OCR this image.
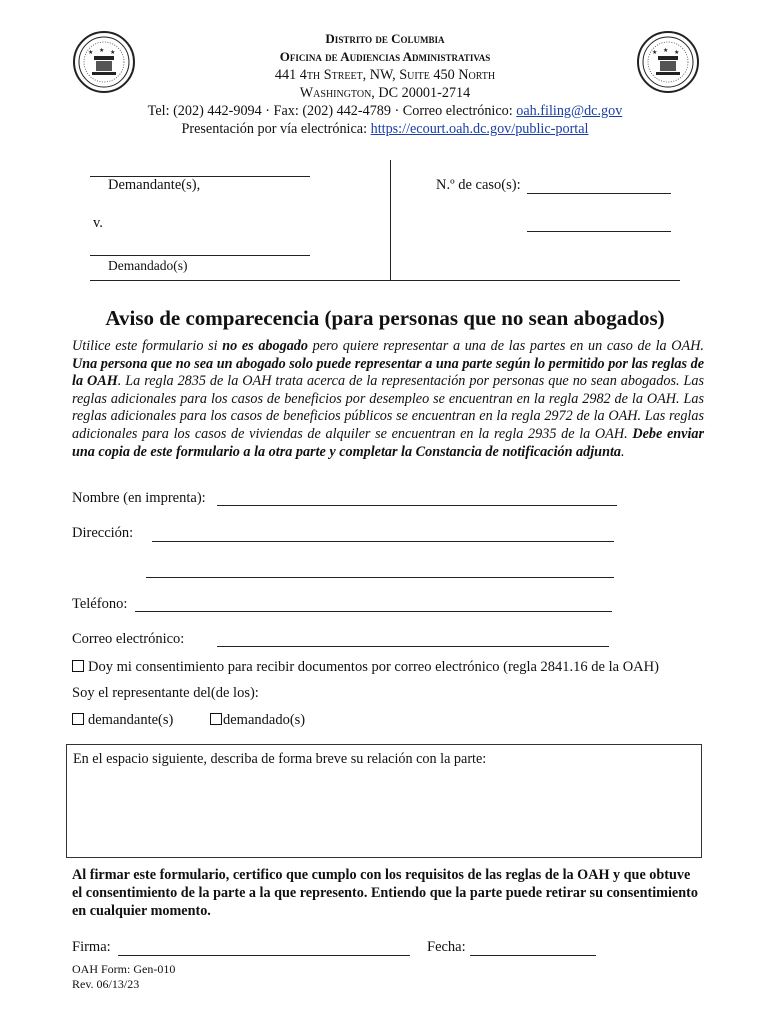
★ ★ ★	★ ★ ★
Distrito de Columbia
Oficina de Audiencias Administrativas
441 4th Street, NW, Suite 450 North
Washington, DC 20001-2714
Tel: (202) 442-9094 · Fax: (202) 442-4789 · Correo electrónico: oah.filing@dc.gov
Presentación por vía electrónica: https://ecourt.oah.dc.gov/public-portal
Demandante(s),
v.
Demandado(s)
N.º de caso(s):
Aviso de comparecencia (para personas que no sean abogados)
Utilice este formulario si no es abogado pero quiere representar a una de las partes en un caso de la OAH. Una persona que no sea un abogado solo puede representar a una parte según lo permitido por las reglas de la OAH. La regla 2835 de la OAH trata acerca de la representación por personas que no sean abogados. Las reglas adicionales para los casos de beneficios por desempleo se encuentran en la regla 2982 de la OAH. Las reglas adicionales para los casos de beneficios públicos se encuentran en la regla 2972 de la OAH. Las reglas adicionales para los casos de viviendas de alquiler se encuentran en la regla 2935 de la OAH. Debe enviar una copia de este formulario a la otra parte y completar la Constancia de notificación adjunta.
Nombre (en imprenta):
Dirección:
Teléfono:
Correo electrónico:
Doy mi consentimiento para recibir documentos por correo electrónico (regla 2841.16 de la OAH)
Soy el representante del(de los):
demandante(s)	demandado(s)
En el espacio siguiente, describa de forma breve su relación con la parte:
Al firmar este formulario, certifico que cumplo con los requisitos de las reglas de la OAH y que obtuve el consentimiento de la parte a la que represento. Entiendo que la parte puede retirar su consentimiento en cualquier momento.
Firma:	Fecha:
OAH Form: Gen-010
Rev. 06/13/23
